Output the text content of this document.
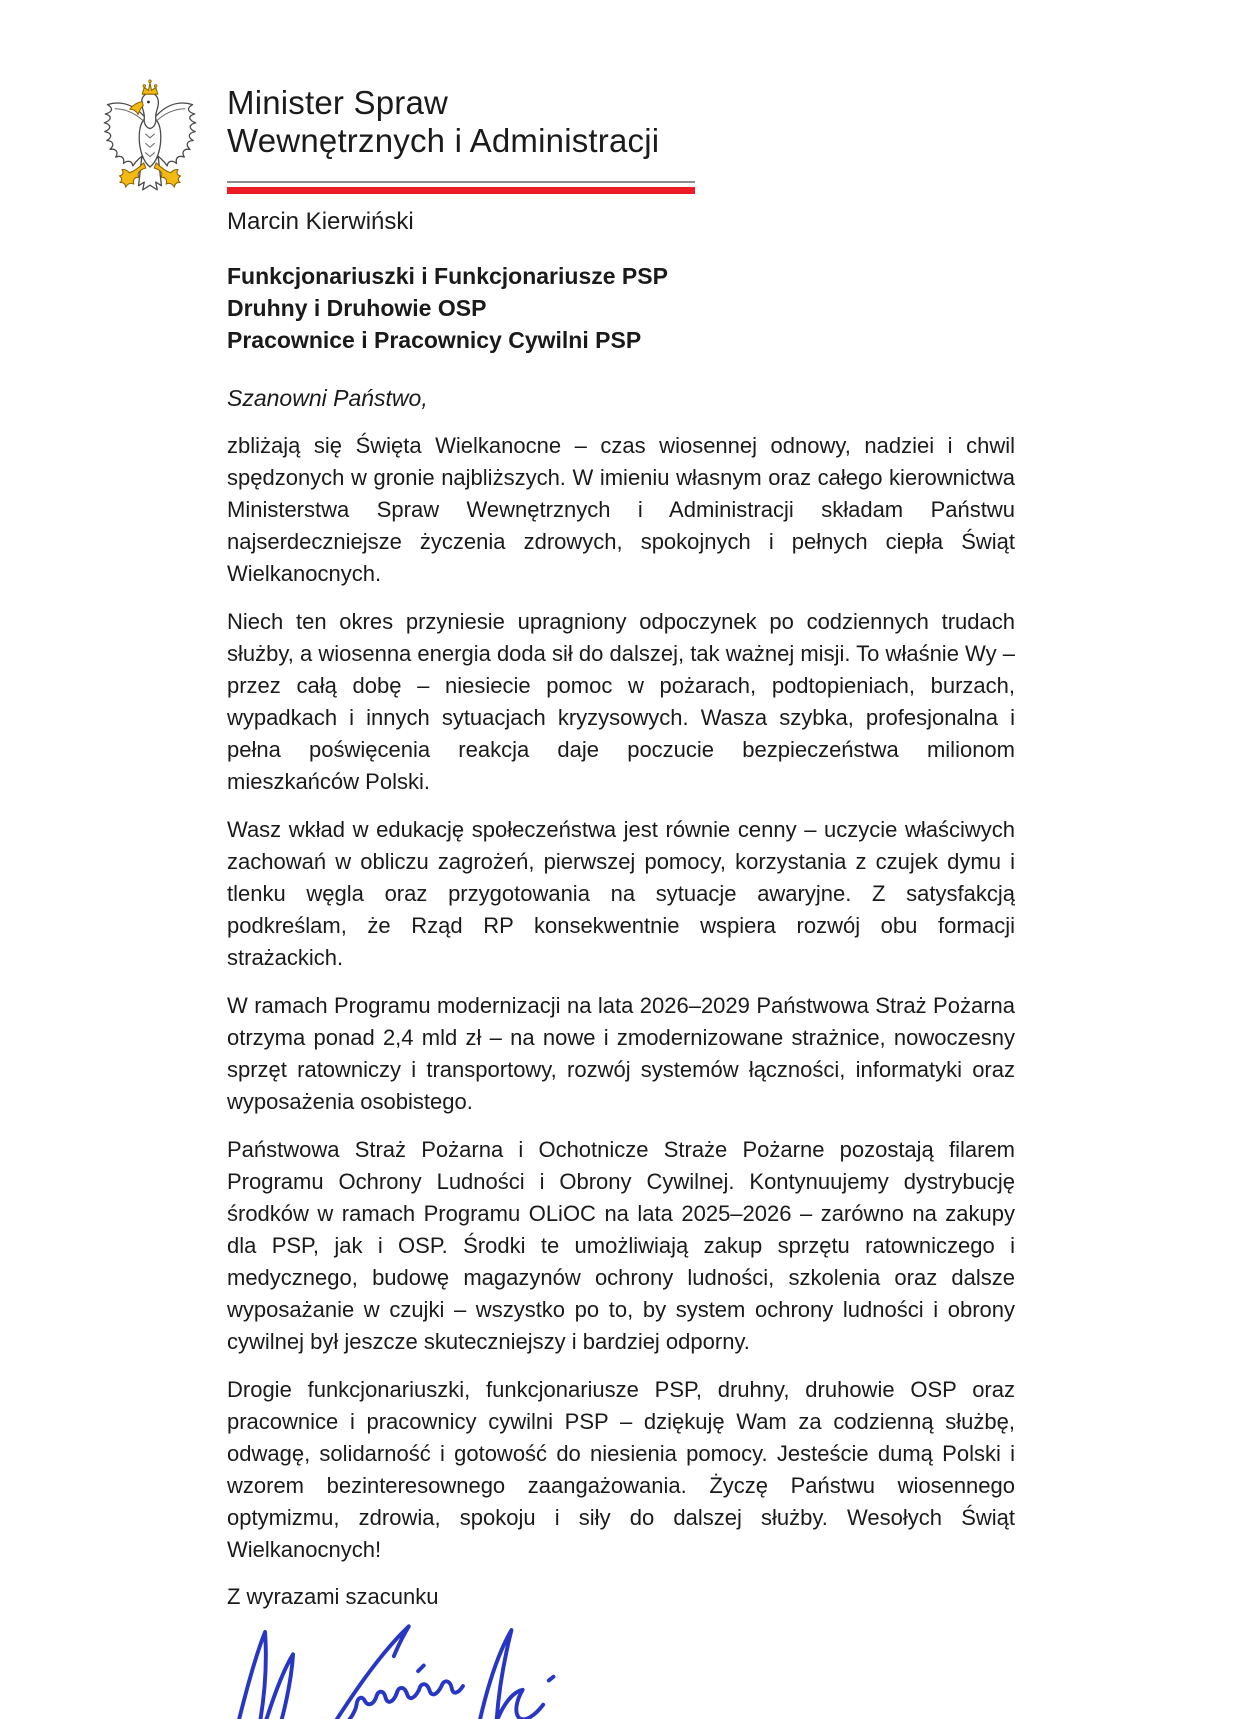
Minister Spraw
Wewnętrznych i Administracji
Marcin Kierwiński
Funkcjonariuszki i Funkcjonariusze PSP
Druhny i Druhowie OSP
Pracownice i Pracownicy Cywilni PSP

Szanowni Państwo,

zbliżają się Święta Wielkanocne – czas wiosennej odnowy, nadziei i chwil spędzonych w gronie najbliższych. W imieniu własnym oraz całego kierownictwa Ministerstwa Spraw Wewnętrznych i Administracji składam Państwu najserdeczniejsze życzenia zdrowych, spokojnych i pełnych ciepła Świąt Wielkanocnych.

Niech ten okres przyniesie upragniony odpoczynek po codziennych trudach służby, a wiosenna energia doda sił do dalszej, tak ważnej misji. To właśnie Wy – przez całą dobę – niesiecie pomoc w pożarach, podtopieniach, burzach, wypadkach i innych sytuacjach kryzysowych. Wasza szybka, profesjonalna i pełna poświęcenia reakcja daje poczucie bezpieczeństwa milionom mieszkańców Polski.

Wasz wkład w edukację społeczeństwa jest równie cenny – uczycie właściwych zachowań w obliczu zagrożeń, pierwszej pomocy, korzystania z czujek dymu i tlenku węgla oraz przygotowania na sytuacje awaryjne. Z satysfakcją podkreślam, że Rząd RP konsekwentnie wspiera rozwój obu formacji strażackich.

W ramach Programu modernizacji na lata 2026–2029 Państwowa Straż Pożarna otrzyma ponad 2,4 mld zł – na nowe i zmodernizowane strażnice, nowoczesny sprzęt ratowniczy i transportowy, rozwój systemów łączności, informatyki oraz wyposażenia osobistego.

Państwowa Straż Pożarna i Ochotnicze Straże Pożarne pozostają filarem Programu Ochrony Ludności i Obrony Cywilnej. Kontynuujemy dystrybucję środków w ramach Programu OLiOC na lata 2025–2026 – zarówno na zakupy dla PSP, jak i OSP. Środki te umożliwiają zakup sprzętu ratowniczego i medycznego, budowę magazynów ochrony ludności, szkolenia oraz dalsze wyposażanie w czujki – wszystko po to, by system ochrony ludności i obrony cywilnej był jeszcze skuteczniejszy i bardziej odporny.

Drogie funkcjonariuszki, funkcjonariusze PSP, druhny, druhowie OSP oraz pracownice i pracownicy cywilni PSP – dziękuję Wam za codzienną służbę, odwagę, solidarność i gotowość do niesienia pomocy. Jesteście dumą Polski i wzorem bezinteresownego zaangażowania. Życzę Państwu wiosennego optymizmu, zdrowia, spokoju i siły do dalszej służby. Wesołych Świąt Wielkanocnych!

Z wyrazami szacunku
